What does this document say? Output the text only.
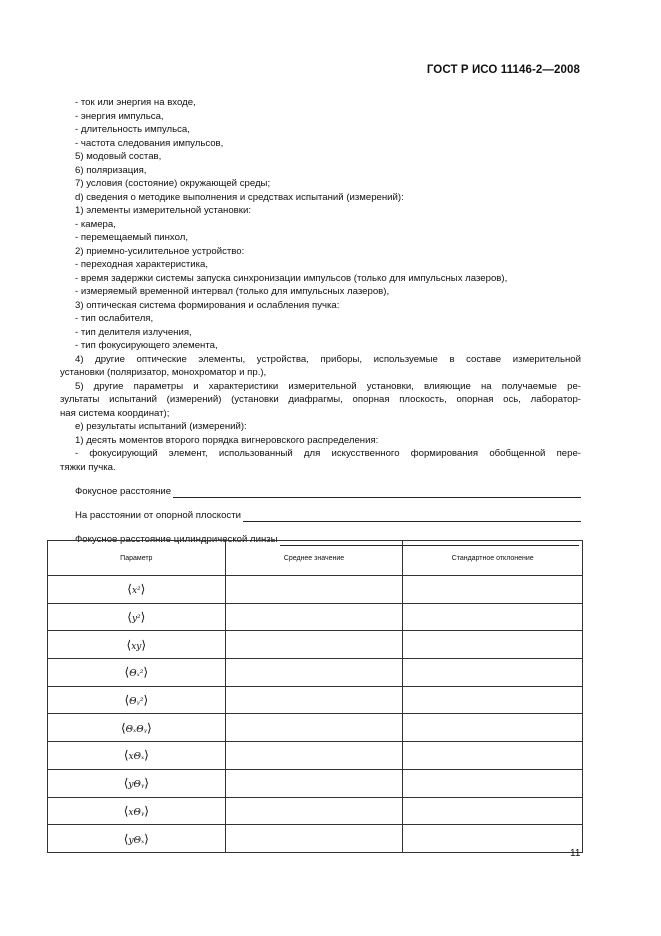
ГОСТ Р ИСО 11146-2—2008
- ток или энергия на входе,
- энергия импульса,
- длительность импульса,
- частота следования импульсов,
5) модовый состав,
6) поляризация,
7) условия (состояние) окружающей среды;
d) сведения о методике выполнения и средствах испытаний (измерений):
1) элементы измерительной установки:
- камера,
- перемещаемый пинхол,
2) приемно-усилительное устройство:
- переходная характеристика,
- время задержки системы запуска синхронизации импульсов (только для импульсных лазеров),
- измеряемый временной интервал (только для импульсных лазеров),
3) оптическая система формирования и ослабления пучка:
- тип ослабителя,
- тип делителя излучения,
- тип фокусирующего элемента,
4) другие оптические элементы, устройства, приборы, используемые в составе измерительной
установки (поляризатор, монохроматор и пр.),
5) другие параметры и характеристики измерительной установки, влияющие на получаемые ре-
зультаты испытаний (измерений) (установки диафрагмы, опорная плоскость, опорная ось, лаборатор-
ная система координат);
e) результаты испытаний (измерений):
1) десять моментов второго порядка вигнеровского распределения:
- фокусирующий элемент, использованный для искусственного формирования обобщенной пере-
тяжки пучка.
Фокусное расстояние
На расстоянии от опорной плоскости
Фокусное расстояние цилиндрической линзы
Параметр	Среднее значение	Стандартное отклонение
⟨x²⟩		
⟨y²⟩		
⟨xy⟩		
⟨Θₓ²⟩		
⟨Θᵧ²⟩		
⟨ΘₓΘᵧ⟩		
⟨xΘₓ⟩		
⟨yΘᵧ⟩		
⟨xΘᵧ⟩		
⟨yΘₓ⟩		
11
